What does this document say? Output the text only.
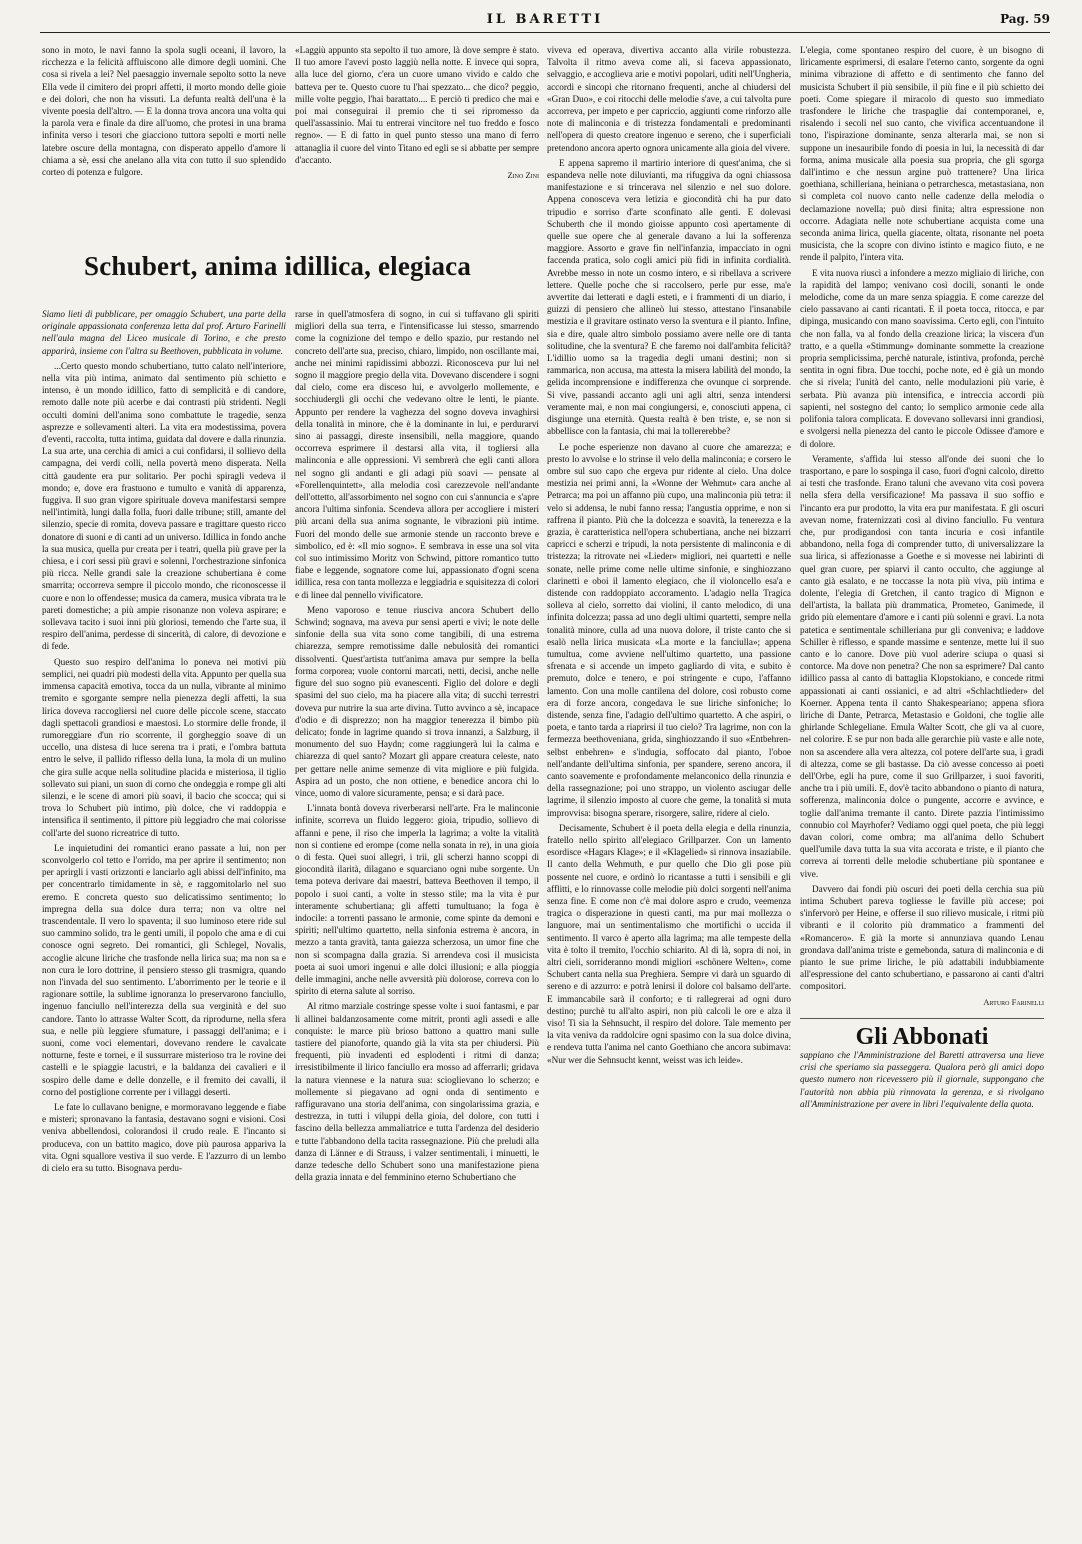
IL BARETTI	Pag. 59

sono in moto, le navi fanno la spola sugli oceani, il lavoro, la ricchezza e la felicità affluiscono alle dimore degli uomini. Che cosa si rivela a lei? Nel paesaggio invernale sepolto sotto la neve Ella vede il cimitero dei propri affetti, il morto mondo delle gioie e dei dolori, che non ha vissuti. La defunta realtà dell'una è la vivente poesia dell'altro. — E la donna trova ancora una volta qui la parola vera e finale da dire all'uomo, che protesi in una brama infinita verso i tesori che giacciono tuttora sepolti e morti nelle latebre oscure della montagna, con disperato appello d'amore li chiama a sè, essi che anelano alla vita con tutto il suo splendido corteo di potenza e fulgore.

«Laggiù appunto sta sepolto il tuo amore, là dove sempre è stato. Il tuo amore l'avevi posto laggiù nella notte. E invece qui sopra, alla luce del giorno, c'era un cuore umano vivido e caldo che batteva per te. Questo cuore tu l'hai spezzato... che dico? peggio, mille volte peggio, l'hai barattato.... E perciò ti predico che mai e poi mai conseguirai il premio che ti sei ripromesso da quell'assassinio. Mai tu entrerai vincitore nel tuo freddo e fosco regno». — E di fatto in quel punto stesso una mano di ferro attanaglia il cuore del vinto Titano ed egli se si abbatte per sempre d'accanto.

Zino Zini
Schubert, anima idillica, elegiaca

Siamo lieti di pubblicare, per omaggio Schubert, una parte della originale appassionata conferenza letta dal prof. Arturo Farinelli nell'aula magna del Liceo musicale di Torino, e che presto apparirà, insieme con l'altra su Beethoven, pubblicata in volume.

...Certo questo mondo schubertiano, tutto calato nell'interiore, nella vita più intima, animato dal sentimento più schietto e intenso, è un mondo idillico, fatto di semplicità e di candore, remoto dalle note più acerbe e dai contrasti più stridenti. Negli occulti domini dell'anima sono combattute le tragedie, senza asprezze e sollevamenti alteri. La vita era modestissima, povera d'eventi, raccolta, tutta intima, guidata dal dovere e dalla rinunzia. La sua arte, una cerchia di amici a cui confidarsi, il sollievo della campagna, dei verdi colli, nella povertà meno disperata. Nella città gaudente era pur solitario. Per pochi spiragli vedeva il mondo; e, dove era frastuono e tumulto e vanità di apparenza, fuggiva. Il suo gran vigore spirituale doveva manifestarsi sempre nell'intimità, lungi dalla folla, fuori dalle tribune; still, amante del silenzio, specie di romita, doveva passare e tragittare questo ricco donatore di suoni e di canti ad un universo. Idillica in fondo anche la sua musica, quella pur creata per i teatri, quella più grave per la chiesa, e i cori sessi più gravi e solenni, l'orchestrazione sinfonica più ricca. Nelle grandi sale la creazione schubertiana è come smarrita; occorreva sempre il piccolo mondo, che riconoscesse il cuore e non lo offendesse; musica da camera, musica vibrata tra le pareti domestiche; a più ampie risonanze non voleva aspirare; e sollevava tacito i suoi inni più gloriosi, temendo che l'arte sua, il respiro dell'anima, perdesse di sincerità, di calore, di devozione e di fede.

Questo suo respiro dell'anima lo poneva nei motivi più semplici, nei quadri più modesti della vita. Appunto per quella sua immensa capacità emotiva, tocca da un nulla, vibrante al minimo tremito e sgorgante sempre nella pienezza degli affetti, la sua lirica doveva raccogliersi nel cuore delle piccole scene, staccato dagli spettacoli grandiosi e maestosi. Lo stormire delle fronde, il rumoreggiare d'un rio scorrente, il gorgheggio soave di un uccello, una distesa di luce serena tra i prati, e l'ombra battuta entro le selve, il pallido riflesso della luna, la mola di un mulino che gira sulle acque nella solitudine placida e misteriosa, il tiglio sollevato sui piani, un suon di corno che ondeggia e rompe gli alti silenzi, e le scene di amori più soavi, il bacio che scocca; qui si trova lo Schubert più intimo, più dolce, che vi raddoppia e intensifica il sentimento, il pittore più leggiadro che mai colorisse coll'arte del suono ricreatrice di tutto.

Le inquietudini dei romantici erano passate a lui, non per sconvolgerlo col tetto e l'orrido, ma per aprire il sentimento; non per aprirgli i vasti orizzonti e lanciarlo agli abissi dell'infinito, ma per concentrarlo timidamente in sè, e raggomitolarlo nel suo eremo. E concreta questo suo delicatissimo sentimento; lo impregna della sua dolce dura terra; non va oltre nel trascendentale. Il vero lo spaventa; il suo luminoso etere ride sul suo cammino solido, tra le genti umili, il popolo che ama e di cui conosce ogni segreto. Dei romantici, gli Schlegel, Novalis, accoglie alcune liriche che trasfonde nella lirica sua; ma non sa e non cura le loro dottrine, il pensiero stesso gli trasmigra, quando non l'invada del suo sentimento. L'aborrimento per le teorie e il ragionare sottile, la sublime ignoranza lo preservarono fanciullo, ingenuo fanciullo nell'interezza della sua verginità e del suo candore. Tanto lo attrasse Walter Scott, da riprodurne, nella sfera sua, e nelle più leggiere sfumature, i passaggi dell'anima; e i suoni, come voci elementari, dovevano rendere le cavalcate notturne, feste e tornei, e il sussurrare misterioso tra le rovine dei castelli e le spiaggie lacustri, e la baldanza dei cavalieri e il sospiro delle dame e delle donzelle, e il fremito dei cavalli, il corno del postiglione corrente per i villaggi deserti.

Le fate lo cullavano benigne, e mormoravano leggende e fiabe e misteri; spronavano la fantasia, destavano sogni e visioni. Così veniva abbellendosi, colorandosi il crudo reale. E l'incanto si produceva, con un battito magico, dove più paurosa appariva la vita. Ogni squallore vestiva il suo verde. E l'azzurro di un lembo di cielo era su tutto. Bisognava perdu-

rarse in quell'atmosfera di sogno, in cui si tuffavano gli spiriti migliori della sua terra, e l'intensificasse lui stesso, smarrendo come la cognizione del tempo e dello spazio, pur restando nel concreto dell'arte sua, preciso, chiaro, limpido, non oscillante mai, anche nei minimi rapidissimi abbozzi. Riconosceva pur lui nel sogno il maggiore pregio della vita. Dovevano discendere i sogni dal cielo, come era disceso lui, e avvolgerlo mollemente, e socchiudergli gli occhi che vedevano oltre le lenti, le piante. Appunto per rendere la vaghezza del sogno doveva invaghirsi della tonalità in minore, che è la dominante in lui, e perdurarvi sino ai passaggi, direste insensibili, nella maggiore, quando occorreva esprimere il destarsi alla vita, il togliersi alla malinconia e alle oppressioni. Vi sembrerà che egli canti allora nel sogno gli andanti e gli adagi più soavi — pensate al «Forellenquintett», alla melodia così carezzevole nell'andante dell'ottetto, all'assorbimento nel sogno con cui s'annuncia e s'apre ancora l'ultima sinfonia. Scendeva allora per accogliere i misteri più arcani della sua anima sognante, le vibrazioni più intime. Fuori del mondo delle sue armonie stende un racconto breve e simbolico, ed è: «Il mio sogno». E sembrava in esse una sol vita col suo intimissimo Moritz von Schwind, pittore romantico tutto fiabe e leggende, sognatore come lui, appassionato d'ogni scena idillica, resa con tanta mollezza e leggiadria e squisitezza di colori e di linee dal pennello vivificatore.

Meno vaporoso e tenue riusciva ancora Schubert dello Schwind; sognava, ma aveva pur sensi aperti e vivi; le note delle sinfonie della sua vita sono come tangibili, di una estrema chiarezza, sempre remotissime dalle nebulosità dei romantici dissolventi. Quest'artista tutt'anima amava pur sempre la bella forma corporea; vuole contorni marcati, netti, decisi, anche nelle figure del suo sogno più evanescenti. Figlio del dolore e degli spasimi del suo cielo, ma ha piacere alla vita; di succhi terrestri doveva pur nutrire la sua arte divina. Tutto avvinco a sè, incapace d'odio e di disprezzo; non ha maggior tenerezza il bimbo più delicato; fonde in lagrime quando si trova innanzi, a Salzburg, il monumento del suo Haydn; come raggiungerà lui la calma e chiarezza di quel santo? Mozart gli appare creatura celeste, nato per gettare nelle anime semenze di vita migliore e più fulgida. Aspira ad un posto, che non ottiene, e benedice ancora chi lo vince, uomo di valore sicuramente, pensa; e si darà pace.

L'innata bontà doveva riverberarsi nell'arte. Fra le malinconie infinite, scorreva un fluido leggero: gioia, tripudio, sollievo di affanni e pene, il riso che imperla la lagrima; a volte la vitalità non si contiene ed erompe (come nella sonata in re), in una gioia o di festa. Quei suoi allegri, i trii, gli scherzi hanno scoppi di giocondità ilarità, dilagano e squarciano ogni nube sorgente. Un tema poteva derivare dai maestri, batteva Beethoven il tempo, il popolo i suoi canti, a volte in stesso stile; ma la vita è pur interamente schubertiana; gli affetti tumultuano; la foga è indocile: a torrenti passano le armonie, come spinte da demoni e spiriti; nell'ultimo quartetto, nella sinfonia estrema è ancora, in mezzo a tanta gravità, tanta gaiezza scherzosa, un umor fine che non si scompagna dalla grazia. Si arrendeva così il musicista poeta ai suoi umori ingenui e alle dolci illusioni; e alla pioggia delle immagini, anche nelle avversità più dolorose, correva con lo spirito di eterna salute al sorriso.

Al ritmo marziale costringe spesse volte i suoi fantasmi, e par li allinei baldanzosamente come mitrit, pronti agli assedi e alle conquiste: le marce più brioso battono a quattro mani sulle tastiere del pianoforte, quando già la vita sta per chiudersi. Più frequenti, più invadenti ed esplodenti i ritmi di danza; irresistibilmente il lirico fanciullo era mosso ad afferrarli; gridava la natura viennese e la natura sua: scioglievano lo scherzo; e mollemente si piegavano ad ogni onda di sentimento e raffiguravano una storia dell'anima, con singolarissima grazia, e destrezza, in tutti i viluppi della gioia, del dolore, con tutti i fascino della bellezza ammaliatrice e tutta l'ardenza del desiderio e tutte l'abbandono della tacita rassegnazione. Più che preludi alla danza di Länner e di Strauss, i valzer sentimentali, i minuetti, le danze tedesche dello Schubert sono una manifestazione piena della grazia innata e del femminino eterno Schubertiano che

viveva ed operava, divertiva accanto alla virile robustezza. Talvolta il ritmo aveva come ali, si faceva appassionato, selvaggio, e accoglieva arie e motivi popolari, uditi nell'Ungheria, accordi e sincopi che ritornano frequenti, anche al chiudersi del «Gran Duo», e coi ritocchi delle melodie s'ave, a cui talvolta pure accorreva, per impeto e per capriccio, aggiunti come rinforzo alle note di malinconia e di tristezza fondamentali e predominanti nell'opera di questo creatore ingenuo e sereno, che i superficiali pretendono ancora aperto ognora unicamente alla gioia del vivere.

E appena sapremo il martirio interiore di quest'anima, che si espandeva nelle note diluvianti, ma rifuggiva da ogni chiassosa manifestazione e si trincerava nel silenzio e nel suo dolore. Appena conosceva vera letizia e giocondità chi ha pur dato tripudio e sorriso d'arte sconfinato alle genti. E dolevasi Schuberth che il mondo gioisse appunto così apertamente di quelle sue opere che al generale davano a lui la sofferenza maggiore. Assorto e grave fin nell'infanzia, impacciato in ogni faccenda pratica, solo cogli amici più fidi in infinita cordialità. Avrebbe messo in note un cosmo intero, e si ribellava a scrivere lettere. Quelle poche che si raccolsero, perle pur esse, ma'e avvertite dai letterati e dagli esteti, e i frammenti di un diario, i guizzi di pensiero che allineò lui stesso, attestano l'insanabile mestizia e il gravitare ostinato verso la sventura e il pianto. Infine, sia e dire, quale altro simbolo possiamo avere nelle ore di tanta solitudine, che la sventura? E che faremo noi dall'ambita felicità? L'idillio uomo sa la tragedia degli umani destini; non si rammarica, non accusa, ma attesta la misera labilità del mondo, la gelida incomprensione e indifferenza che ovunque ci sorprende. Si vive, passandi accanto agli uni agli altri, senza intendersi veramente mai, e non mai congiungersi, e, conosciuti appena, ci disgiunge una eternità. Questa realtà è ben triste, e, se non si abbellisce con la fantasia, chi mai la tollererebbe?

Le poche esperienze non davano al cuore che amarezza; e presto lo avvolse e lo strinse il velo della malinconia; e corsero le ombre sul suo capo che ergeva pur ridente al cielo. Una dolce mestizia nei primi anni, la «Wonne der Wehmut» cara anche al Petrarca; ma poi un affanno più cupo, una malinconia più tetra: il velo si addensa, le nubi fanno ressa; l'angustia opprime, e non si raffrena il pianto. Più che la dolcezza e soavità, la tenerezza e la grazia, è caratteristica nell'opera schubertiana, anche nei bizzarri capricci e scherzi e tripudi, la nota persistente di malinconia e di tristezza; la ritrovate nei «Lieder» migliori, nei quartetti e nelle sonate, nelle prime come nelle ultime sinfonie, e singhiozzano clarinetti e oboi il lamento elegiaco, che il violoncello esa'a e distende con raddoppiato accoramento. L'adagio nella Tragica solleva al cielo, sorretto dai violini, il canto melodico, di una infinita dolcezza; passa ad uno degli ultimi quartetti, sempre nella tonalità minore, culla ad una nuova dolore, il triste canto che si esalò nella lirica musicata «La morte e la fanciulla»; appena tumultua, come avviene nell'ultimo quartetto, una passione sfrenata e si accende un impeto gagliardo di vita, e subito è premuto, dolce e tenero, e poi stringente e cupo, l'affanno lamento. Con una molle cantilena del dolore, così robusto come era di forze ancora, congedava le sue liriche sinfoniche; lo distende, senza fine, l'adagio dell'ultimo quartetto. A che aspiri, o poeta, e tanto tarda a riaprirsi il tuo cielo? Tra lagrime, non con la fermezza beethoveniana, grida, singhiozzando il suo «Entbehren-selbst enbehren» e s'indugia, soffocato dal pianto, l'oboe nell'andante dell'ultima sinfonia, per spandere, sereno ancora, il canto soavemente e profondamente melanconico della rinunzia e della rassegnazione; poi uno strappo, un violento asciugar delle lagrime, il silenzio imposto al cuore che geme, la tonalità si muta improvvisa: bisogna sperare, risorgere, salire, ridere al cielo.

Decisamente, Schubert è il poeta della elegia e della rinunzia, fratello nello spirito all'elegiaco Grillparzer. Con un lamento esordisce «Hagars Klage»; e il «Klagelied» si rinnova insaziabile. Il canto della Wehmuth, e pur quello che Dio gli pose più possente nel cuore, e ordinò lo ricantasse a tutti i sensibili e gli afflitti, e lo rinnovasse colle melodie più dolci sorgenti nell'anima senza fine. E come non c'è mai dolore aspro e crudo, veemenza tragica o disperazione in questi canti, ma pur mai mollezza o languore, mai un sentimentalismo che mortifichi o uccida il sentimento. Il varco è aperto alla lagrima; ma alle tempeste della vita è tolto il tremito, l'occhio schiarito. Al di là, sopra di noi, in altri cieli, sorrideranno mondi migliori «schönere Welten», come Schubert canta nella sua Preghiera. Sempre vi darà un sguardo di sereno e di azzurro: e potrà lenirsi il dolore col balsamo dell'arte. E immancabile sarà il conforto; e ti rallegrerai ad ogni duro destino; purchè tu all'alto aspiri, non più calcoli le ore e alza il viso! Ti sia la Sehnsucht, il respiro del dolore. Tale memento per la vita veniva da raddolcire ogni spasimo con la sua dolce divina, e rendeva tutta l'anima nel canto Goethiano che ancora subimava: «Nur wer die Sehnsucht kennt, weisst was ich leide».

L'elegia, come spontaneo respiro del cuore, è un bisogno di liricamente esprimersi, di esalare l'eterno canto, sorgente da ogni minima vibrazione di affetto e di sentimento che fanno del musicista Schubert il più sensibile, il più fine e il più schietto dei poeti. Come spiegare il miracolo di questo suo immediato trasfondere le liriche che traspaglie dai contemporanei, e, risalendo i secoli nel suo canto, che vivifica accentuandone il tono, l'ispirazione dominante, senza alterarla mai, se non si suppone un inesauribile fondo di poesia in lui, la necessità di dar forma, anima musicale alla poesia sua propria, che gli sgorga dall'intimo e che nessun argine può trattenere? Una lirica goethiana, schilleriana, heiniana o petrarchesca, metastasiana, non si completa col nuovo canto nelle cadenze della melodia o declamazione novella; può dirsi finita; altra espressione non occorre. Adagiata nelle note schubertiane acquista come una seconda anima lirica, quella giacente, oltata, risonante nel poeta musicista, che la scopre con divino istinto e magico fiuto, e ne rende il palpito, l'intera vita.

E vita nuova riuscì a infondere a mezzo migliaio di liriche, con la rapidità del lampo; venivano così docili, sonanti le onde melodiche, come da un mare senza spiaggia. E come carezze del cielo passavano ai canti ricantati. E il poeta tocca, ritocca, e par dipinga, musicando con mano soavissima. Certo egli, con l'intuito che non falla, va al fondo della creazione lirica; la viscera d'un tratto, e a quella «Stimmung» dominante sommette la creazione propria semplicissima, perchè naturale, istintiva, profonda, perchè sentita in ogni fibra. Due tocchi, poche note, ed è già un mondo che si rivela; l'unità del canto, nelle modulazioni più varie, è serbata. Più avanza più intensifica, e intreccia accordi più sapienti, nel sostegno del canto; lo semplico armonie cede alla polifonia talora complicata. E dovevano sollevarsi inni grandiosi, e svolgersi nella pienezza del canto le piccole Odissee d'amore e di dolore.

Veramente, s'affida lui stesso all'onde dei suoni che lo trasportano, e pare lo sospinga il caso, fuori d'ogni calcolo, diretto ai testi che trasfonde. Erano taluni che avevano vita così povera nella sfera della versificazione! Ma passava il suo soffio e l'incanto era pur prodotto, la vita era pur manifestata. E gli oscuri avevan nome, fraternizzati così al divino fanciullo. Fu ventura che, pur prodigandosi con tanta incuria e così infantile abbandono, nella foga di comprender tutto, di universalizzare la sua lirica, si affezionasse a Goethe e si movesse nei labirinti di quel gran cuore, per spiarvi il canto occulto, che aggiunge al canto già esalato, e ne toccasse la nota più viva, più intima e dolente, l'elegia di Gretchen, il canto tragico di Mignon e dell'artista, la ballata più drammatica, Prometeo, Ganimede, il grido più elementare d'amore e i canti più solenni e gravi. La nota patetica e sentimentale schilleriana pur gli conveniva; e laddove Schiller è riflesso, e spande massime e sentenze, mette lui il suo canto e lo canore. Dove più vuol aderire sciupa o quasi si contorce. Ma dove non penetra? Che non sa esprimere? Dal canto idillico passa al canto di battaglia Klopstokiano, e concede ritmi appassionati ai canti ossianici, e ad altri «Schlachtlieder» del Koerner. Appena tenta il canto Shakespeariano; appena sfiora liriche di Dante, Petrarca, Metastasio e Goldoni, che toglie alle ghirlande Schlegeliane. Emula Walter Scott, che gli va al cuore, nel colorire. E se pur non bada alle gerarchie più vaste e alle note, non sa ascendere alla vera altezza, col potere dell'arte sua, i gradi di altezza, come se gli bastasse. Da ciò avesse concesso ai poeti dell'Orbe, egli ha pure, come il suo Grillparzer, i suoi favoriti, anche tra i più umili. E, dov'è tacito abbandono o pianto di natura, sofferenza, malinconia dolce o pungente, accorre e avvince, e toglie dall'anima tremante il canto. Direte pazzia l'intimissimo connubio col Mayrhofer? Vediamo oggi quel poeta, che più leggi davan colori, come ombra; ma all'anima dello Schubert quell'umile dava tutta la sua vita accorata e triste, e il pianto che correva ai torrenti delle melodie schubertiane più spontanee e vive.

Davvero dai fondi più oscuri dei poeti della cerchia sua più intima Schubert pareva togliesse le faville più accese; poi s'infervorò per Heine, e offerse il suo rilievo musicale, i ritmi più vibranti e il colorito più drammatico a frammenti del «Romancero». E già la morte si annunziava quando Lenau grondava dall'anima triste e gemebonda, satura di malinconia e di pianto le sue prime liriche, le più adattabili indubbiamente all'espressione del canto schubertiano, e passarono ai canti d'altri compositori.

Arturo Farinelli
Gli Abbonati

sappiano che l'Amministrazione del Baretti attraversa una lieve crisi che speriamo sia passeggera. Qualora però gli amici dopo questo numero non ricevessero più il giornale, suppongano che l'autorità non abbia più rinnovata la gerenza, e si rivolgano all'Amministrazione per avere in libri l'equivalente della quota.
